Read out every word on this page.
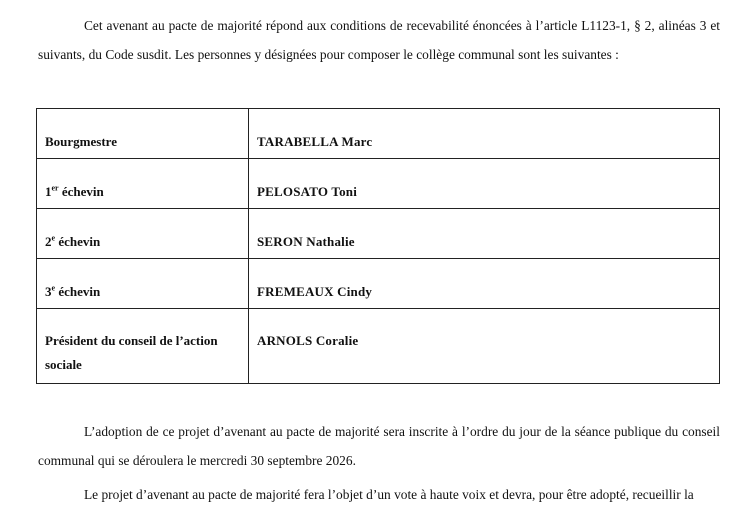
Cet avenant au pacte de majorité répond aux conditions de recevabilité énoncées à l’article L1123-1, § 2, alinéas 3 et suivants, du Code susdit. Les personnes y désignées pour composer le collège communal sont les suivantes :

Bourgmestre	TARABELLA Marc

1er échevin	PELOSATO Toni

2e échevin	SERON Nathalie

3e échevin	FREMEAUX Cindy

Président du conseil de l’action sociale	ARNOLS Coralie

L’adoption de ce projet d’avenant au pacte de majorité sera inscrite à l’ordre du jour de la séance publique du conseil communal qui se déroulera le mercredi 30 septembre 2026.

Le projet d’avenant au pacte de majorité fera l’objet d’un vote à haute voix et devra, pour être adopté, recueillir la
